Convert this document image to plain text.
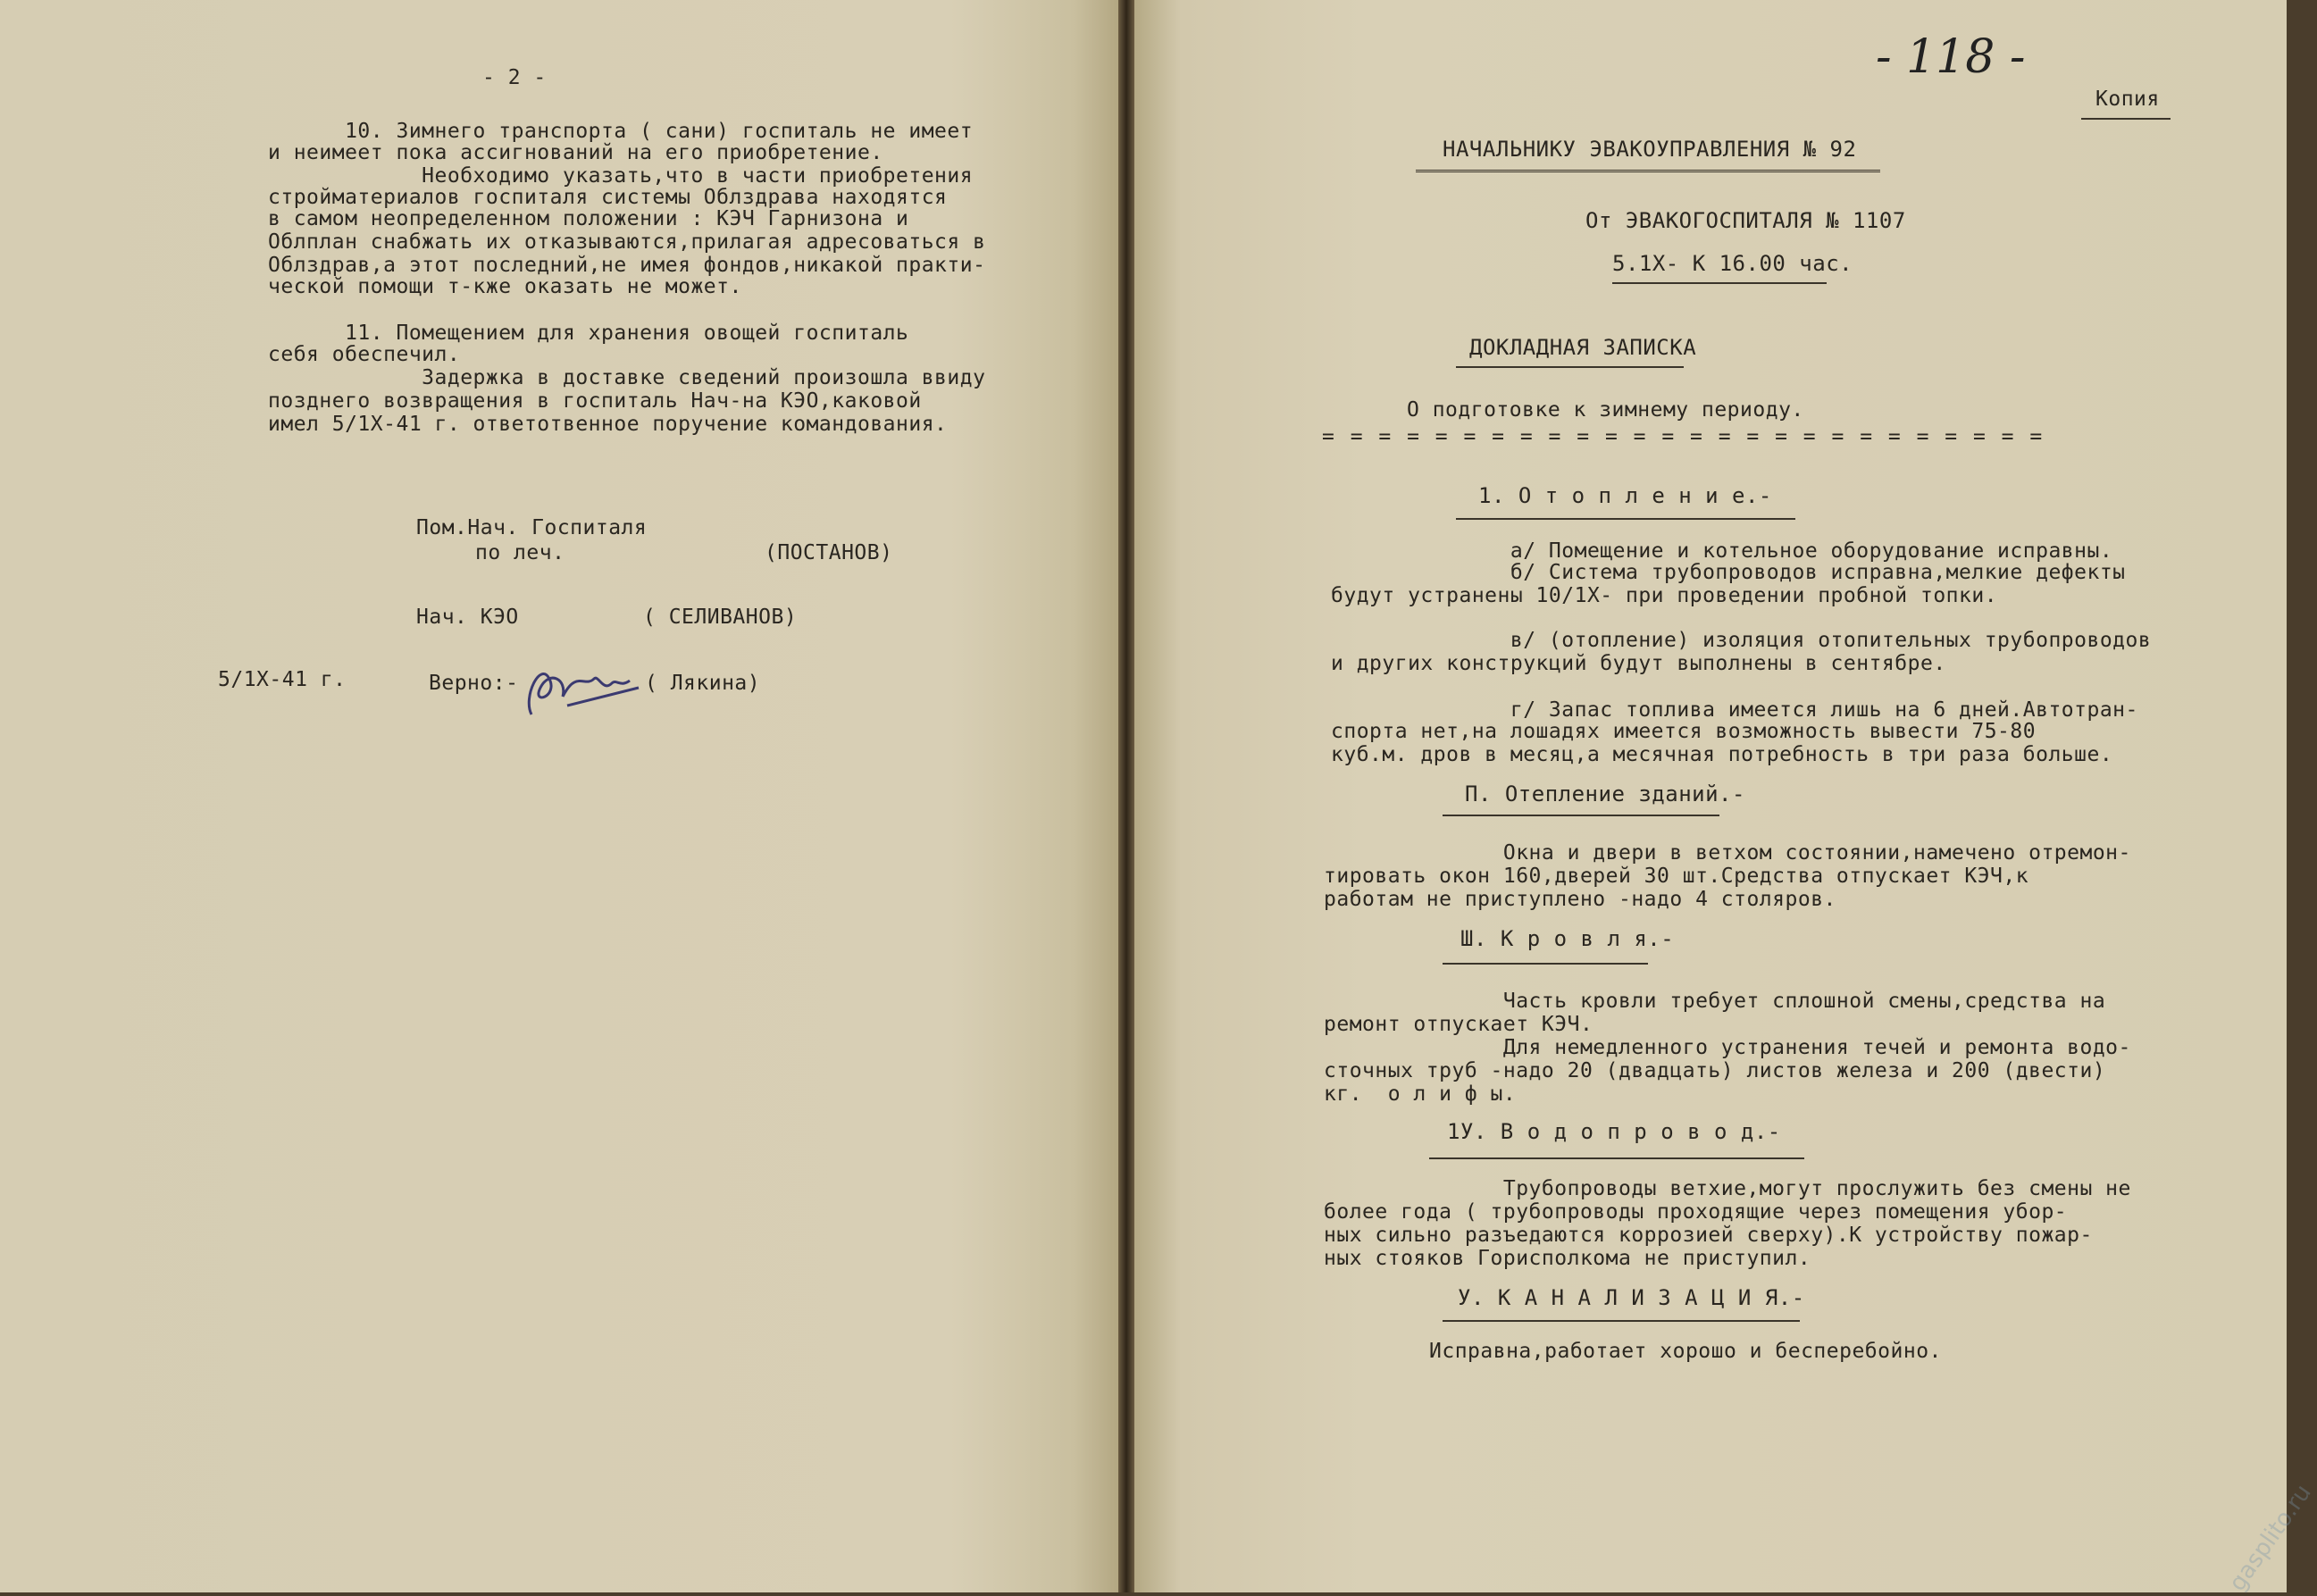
- 2 -
10. Зимнего транспорта ( сани) госпиталь не имеет
и неимеет пока ассигнований на его приобретение.
Необходимо указать,что в части приобретения
стройматериалов госпиталя системы Облздрава находятся
в самом неопределенном положении : КЭЧ Гарнизона и
Облплан снабжать их отказываются,прилагая адресоваться в
Облздрав,а этот последний,не имея фондов,никакой практи-
ческой помощи т-кже оказать не может.
11. Помещением для хранения овощей госпиталь
себя обеспечил.
Задержка в доставке сведений произошла ввиду
позднего возвращения в госпиталь Нач-на КЭО,каковой
имел 5/1Х-41 г. ответотвенное поручение командования.
Пом.Нач. Госпиталя
по леч.	(ПОСТАНОВ)
Нач. КЭО	( СЕЛИВАНОВ)
5/1Х-41 г.	Верно:-	( Лякина)
- 118 -
Копия
НАЧАЛЬНИКУ ЭВАКОУПРАВЛЕНИЯ № 92
От ЭВАКОГОСПИТАЛЯ № 1107
5.1Х- К 16.00 час.
ДОКЛАДНАЯ ЗАПИСКА
О подготовке к зимнему периоду.
= = = = = = = = = = = = = = = = = = = = = = = = = =
1. О т о п л е н и е.-
а/ Помещение и котельное оборудование исправны.
б/ Система трубопроводов исправна,мелкие дефекты
будут устранены 10/1Х- при проведении пробной топки.
в/ (отопление) изоляция отопительных трубопроводов
и других конструкций будут выполнены в сентябре.
г/ Запас топлива имеется лишь на 6 дней.Автотран-
спорта нет,на лошадях имеется возможность вывести 75-80
куб.м. дров в месяц,а месячная потребность в три раза больше.
П. Отепление зданий.-
Окна и двери в ветхом состоянии,намечено отремон-
тировать окон 160,дверей 30 шт.Средства отпускает КЭЧ,к
работам не приступлено -надо 4 столяров.
Ш. К р о в л я.-
Часть кровли требует сплошной смены,средства на
ремонт отпускает КЭЧ.
Для немедленного устранения течей и ремонта водо-
сточных труб -надо 20 (двадцать) листов железа и 200 (двести)
кг.  о л и ф ы.
1У. В о д о п р о в о д.-
Трубопроводы ветхие,могут прослужить без смены не
более года ( трубопроводы проходящие через помещения убор-
ных сильно разъедаются коррозией сверху).К устройству пожар-
ных стояков Горисполкома не приступил.
У. К А Н А Л И З А Ц И Я.-
Исправна,работает хорошо и бесперебойно.
gasplito.ru
